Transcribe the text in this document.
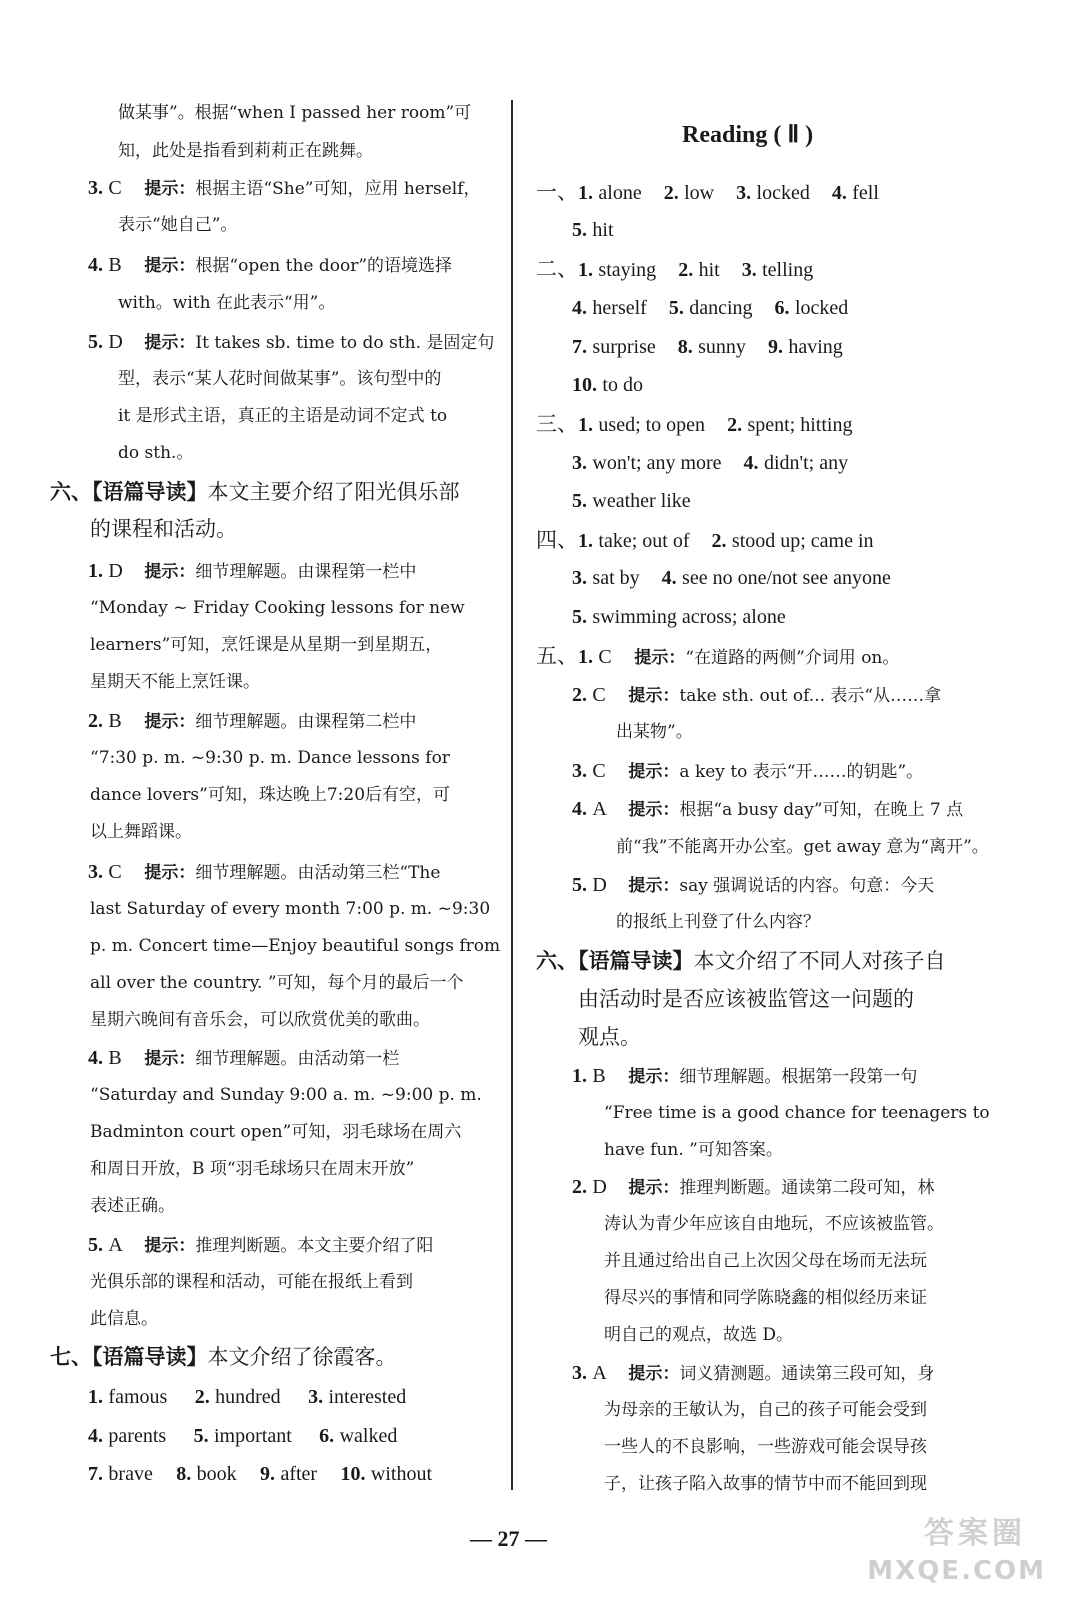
做某事”。根据“when I passed her room”可
知，此处是指看到莉莉正在跳舞。
3. C 提示：根据主语“She”可知，应用 herself，
表示“她自己”。
4. B 提示：根据“open the door”的语境选择
with。with 在此表示“用”。
5. D 提示：It takes sb. time to do sth. 是固定句
型，表示“某人花时间做某事”。该句型中的
it 是形式主语，真正的主语是动词不定式 to
do sth.。
六、【语篇导读】本文主要介绍了阳光俱乐部
的课程和活动。
1. D 提示：细节理解题。由课程第一栏中
“Monday ~ Friday Cooking lessons for new
learners”可知，烹饪课是从星期一到星期五，
星期天不能上烹饪课。
2. B 提示：细节理解题。由课程第二栏中
“7:30 p. m. ~9:30 p. m. Dance lessons for
dance lovers”可知，珠达晚上7:20后有空，可
以上舞蹈课。
3. C 提示：细节理解题。由活动第三栏“The
last Saturday of every month 7:00 p. m. ~9:30
p. m. Concert time—Enjoy beautiful songs from
all over the country. ”可知，每个月的最后一个
星期六晚间有音乐会，可以欣赏优美的歌曲。
4. B 提示：细节理解题。由活动第一栏
“Saturday and Sunday 9:00 a. m. ~9:00 p. m.
Badminton court open”可知，羽毛球场在周六
和周日开放，B 项“羽毛球场只在周末开放”
表述正确。
5. A 提示：推理判断题。本文主要介绍了阳
光俱乐部的课程和活动，可能在报纸上看到
此信息。
七、【语篇导读】本文介绍了徐霞客。
1. famous 2. hundred 3. interested
4. parents 5. important 6. walked
7. brave 8. book 9. after 10. without
Reading ( Ⅱ )
一、1. alone 2. low 3. locked 4. fell
5. hit
二、1. staying 2. hit 3. telling
4. herself 5. dancing 6. locked
7. surprise 8. sunny 9. having
10. to do
三、1. used; to open 2. spent; hitting
3. won't; any more 4. didn't; any
5. weather like
四、1. take; out of 2. stood up; came in
3. sat by 4. see no one/not see anyone
5. swimming across; alone
五、1. C 提示：“在道路的两侧”介词用 on。
2. C 提示：take sth. out of... 表示“从……拿
出某物”。
3. C 提示：a key to 表示“开……的钥匙”。
4. A 提示：根据“a busy day”可知，在晚上 7 点
前“我”不能离开办公室。get away 意为“离开”。
5. D 提示：say 强调说话的内容。句意：今天
的报纸上刊登了什么内容？
六、【语篇导读】本文介绍了不同人对孩子自
由活动时是否应该被监管这一问题的
观点。
1. B 提示：细节理解题。根据第一段第一句
“Free time is a good chance for teenagers to
have fun. ”可知答案。
2. D 提示：推理判断题。通读第二段可知，林
涛认为青少年应该自由地玩，不应该被监管。
并且通过给出自己上次因父母在场而无法玩
得尽兴的事情和同学陈晓鑫的相似经历来证
明自己的观点，故选 D。
3. A 提示：词义猜测题。通读第三段可知，身
为母亲的王敏认为，自己的孩子可能会受到
一些人的不良影响，一些游戏可能会误导孩
子，让孩子陷入故事的情节中而不能回到现
— 27 —	答案圈
MXQE.COM
